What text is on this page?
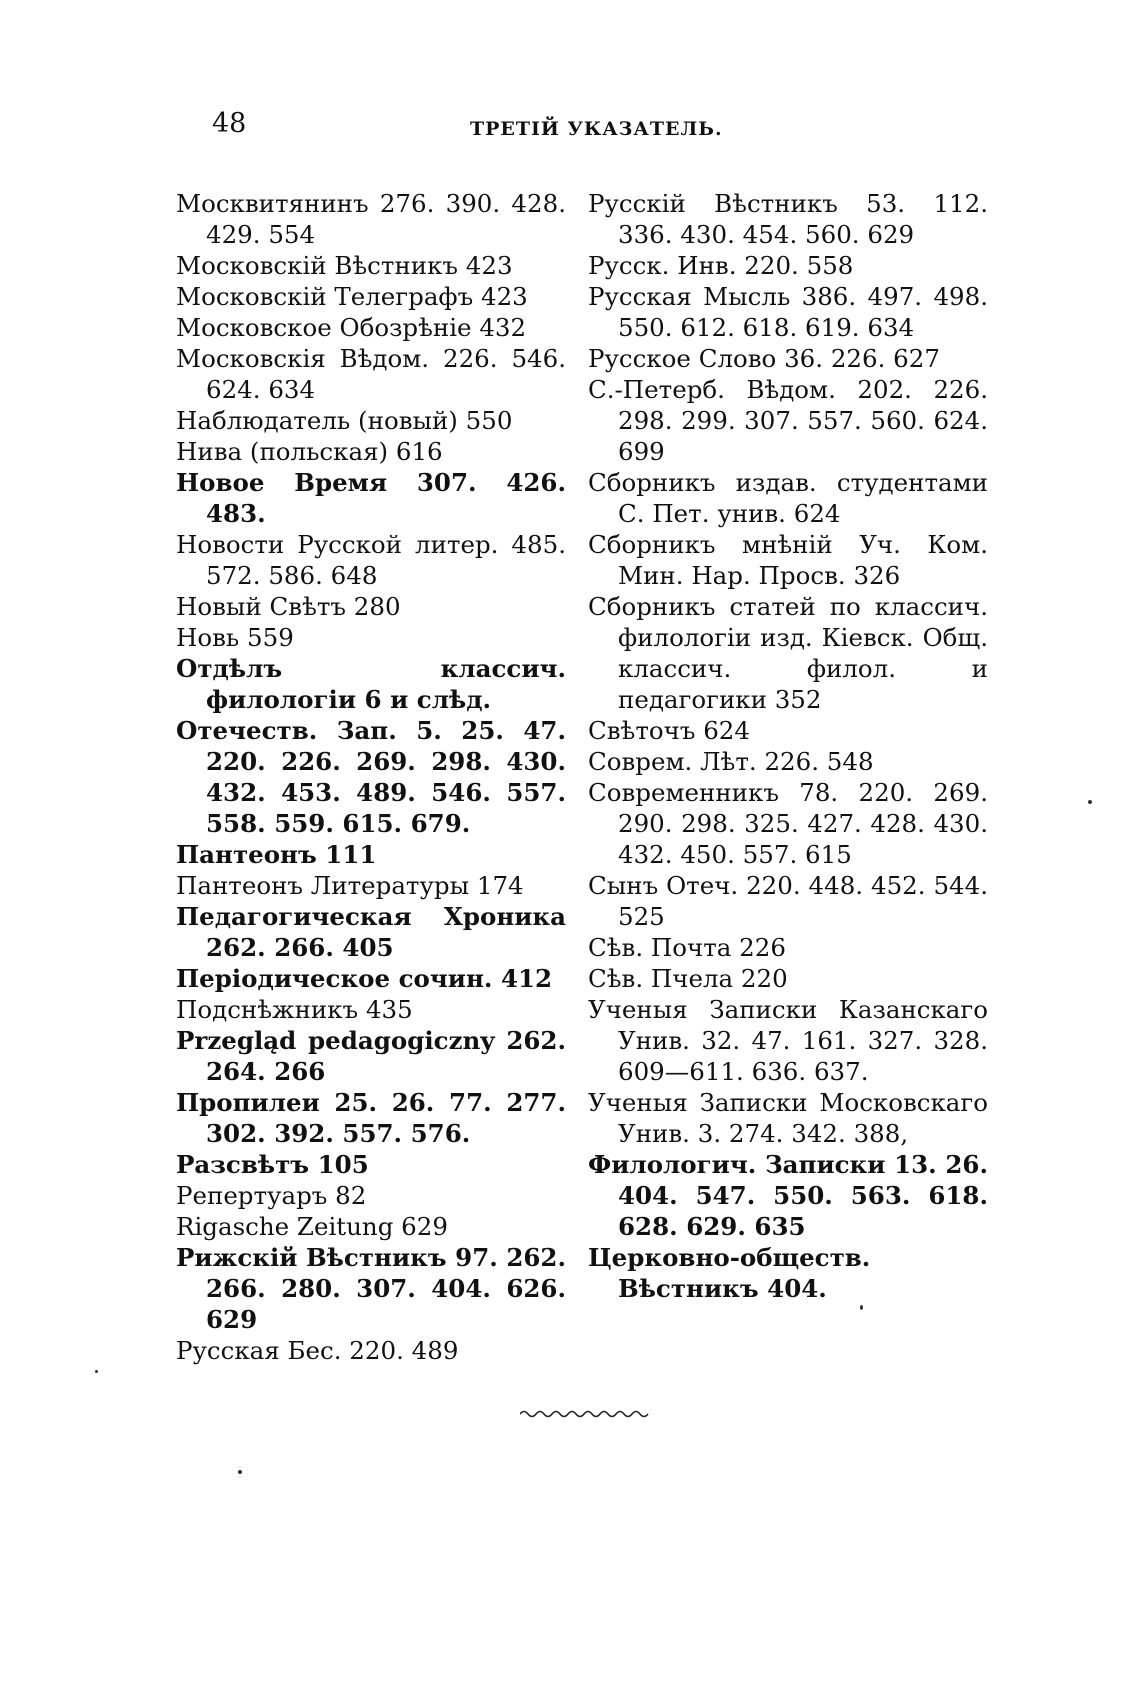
48	ТРЕТІЙ УКАЗАТЕЛЬ.

Москвитянинъ 276. 390. 428. 429. 554

Московскій Вѣстникъ 423

Московскій Телеграфъ 423

Московское Обозрѣніе 432

Московскія Вѣдом. 226. 546. 624. 634

Наблюдатель (новый) 550

Нива (польская) 616

Новое Время 307. 426. 483.

Новости Русской литер. 485. 572. 586. 648

Новый Свѣтъ 280

Новь 559

Отдѣлъ классич. филологіи 6 и слѣд.

Отечеств. Зап. 5. 25. 47. 220. 226. 269. 298. 430. 432. 453. 489. 546. 557. 558. 559. 615. 679.

Пантеонъ 111

Пантеонъ Литературы 174

Педагогическая Хроника 262. 266. 405

Періодическое сочин. 412

Подснѣжникъ 435

Przegląd pedagogiczny 262. 264. 266

Пропилеи 25. 26. 77. 277. 302. 392. 557. 576.

Разсвѣтъ 105

Репертуаръ 82

Rigasche Zeitung 629

Рижскій Вѣстникъ 97. 262. 266. 280. 307. 404. 626. 629

Русская Бес. 220. 489

Русскій Вѣстникъ 53. 112. 336. 430. 454. 560. 629

Русск. Инв. 220. 558

Русская Мысль 386. 497. 498. 550. 612. 618. 619. 634

Русское Слово 36. 226. 627

С.-Петерб. Вѣдом. 202. 226. 298. 299. 307. 557. 560. 624. 699

Сборникъ издав. студентами С. Пет. унив. 624

Сборникъ мнѣній Уч. Ком. Мин. Нар. Просв. 326

Сборникъ статей по классич. филологіи изд. Кіевск. Общ. классич. филол. и педагогики 352

Свѣточъ 624

Соврем. Лѣт. 226. 548

Современникъ 78. 220. 269. 290. 298. 325. 427. 428. 430. 432. 450. 557. 615

Сынъ Отеч. 220. 448. 452. 544. 525

Сѣв. Почта 226

Сѣв. Пчела 220

Ученыя Записки Казанскаго Унив. 32. 47. 161. 327. 328. 609—611. 636. 637.

Ученыя Записки Московскаго Унив. 3. 274. 342. 388,

Филологич. Записки 13. 26. 404. 547. 550. 563. 618. 628. 629. 635

Церковно-обществ. Вѣстникъ 404.
